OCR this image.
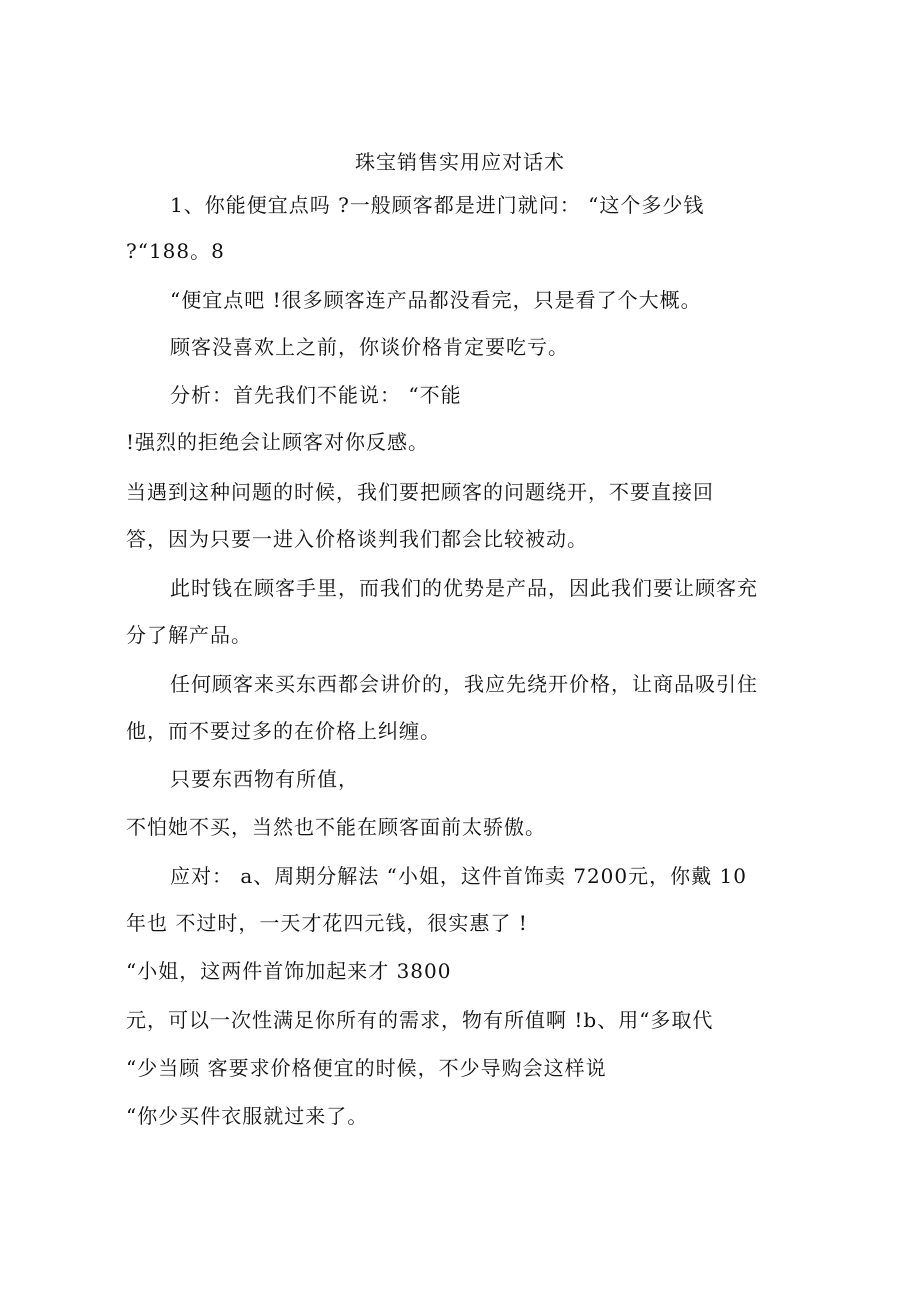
珠宝销售实用应对话术
1、你能便宜点吗 ?一般顾客都是进门就问： “这个多少钱
?“188。8
“便宜点吧 !很多顾客连产品都没看完，只是看了个大概。
顾客没喜欢上之前，你谈价格肯定要吃亏。
分析：首先我们不能说： “不能
!强烈的拒绝会让顾客对你反感。
当遇到这种问题的时候，我们要把顾客的问题绕开，不要直接回
答，因为只要一进入价格谈判我们都会比较被动。
此时钱在顾客手里，而我们的优势是产品，因此我们要让顾客充
分了解产品。
任何顾客来买东西都会讲价的，我应先绕开价格，让商品吸引住
他，而不要过多的在价格上纠缠。
只要东西物有所值，
不怕她不买，当然也不能在顾客面前太骄傲。
应对： a、周期分解法 “小姐，这件首饰卖 7200元，你戴 10
年也 不过时，一天才花四元钱，很实惠了 !
“小姐，这两件首饰加起来才 3800
元，可以一次性满足你所有的需求，物有所值啊 !b、用“多取代
“少当顾 客要求价格便宜的时候，不少导购会这样说
“你少买件衣服就过来了。
